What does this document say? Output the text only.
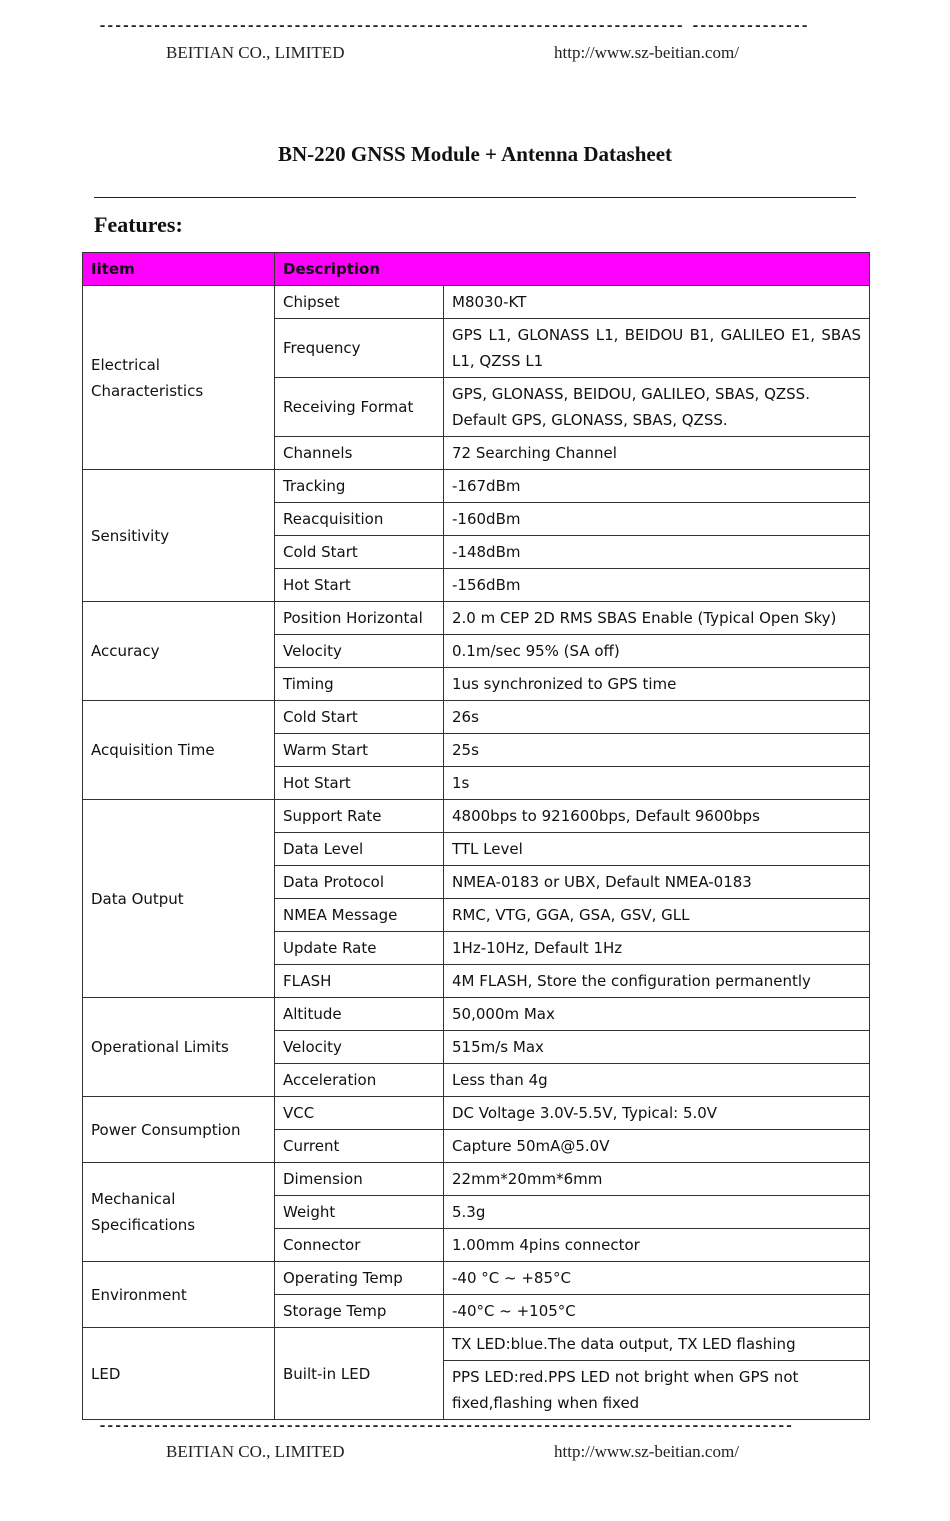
--------------------------------------------------------------------------- ---------------
BEITIAN CO., LIMITED	http://www.sz-beitian.com/
BN-220 GNSS Module + Antenna Datasheet
Features:
Iitem	Description	
Electrical Characteristics	Chipset	M8030-KT
	Frequency	GPS L1, GLONASS L1, BEIDOU B1, GALILEO E1, SBAS L1, QZSS L1
	Receiving Format	GPS, GLONASS, BEIDOU, GALILEO, SBAS, QZSS. Default GPS, GLONASS, SBAS, QZSS.
	Channels	72 Searching Channel
Sensitivity	Tracking	-167dBm
	Reacquisition	-160dBm
	Cold Start	-148dBm
	Hot Start	-156dBm
Accuracy	Position Horizontal	2.0 m CEP 2D RMS SBAS Enable (Typical Open Sky)
	Velocity	0.1m/sec 95% (SA off)
	Timing	1us synchronized to GPS time
Acquisition Time	Cold Start	26s
	Warm Start	25s
	Hot Start	1s
Data Output	Support Rate	4800bps to 921600bps, Default 9600bps
	Data Level	TTL Level
	Data Protocol	NMEA-0183 or UBX, Default NMEA-0183
	NMEA Message	RMC, VTG, GGA, GSA, GSV, GLL
	Update Rate	1Hz-10Hz, Default 1Hz
	FLASH	4M FLASH, Store the configuration permanently
Operational Limits	Altitude	50,000m Max
	Velocity	515m/s Max
	Acceleration	Less than 4g
Power Consumption	VCC	DC Voltage 3.0V-5.5V, Typical: 5.0V
	Current	Capture 50mA@5.0V
Mechanical Specifications	Dimension	22mm*20mm*6mm
	Weight	5.3g
	Connector	1.00mm 4pins connector
Environment	Operating Temp	-40 °C ~ +85°C
	Storage Temp	-40°C ~ +105°C
LED	Built-in LED	TX LED:blue.The data output, TX LED flashing
		PPS LED:red.PPS LED not bright when GPS not fixed,flashing when fixed
-----------------------------------------------------------------------------------------
BEITIAN CO., LIMITED	http://www.sz-beitian.com/
